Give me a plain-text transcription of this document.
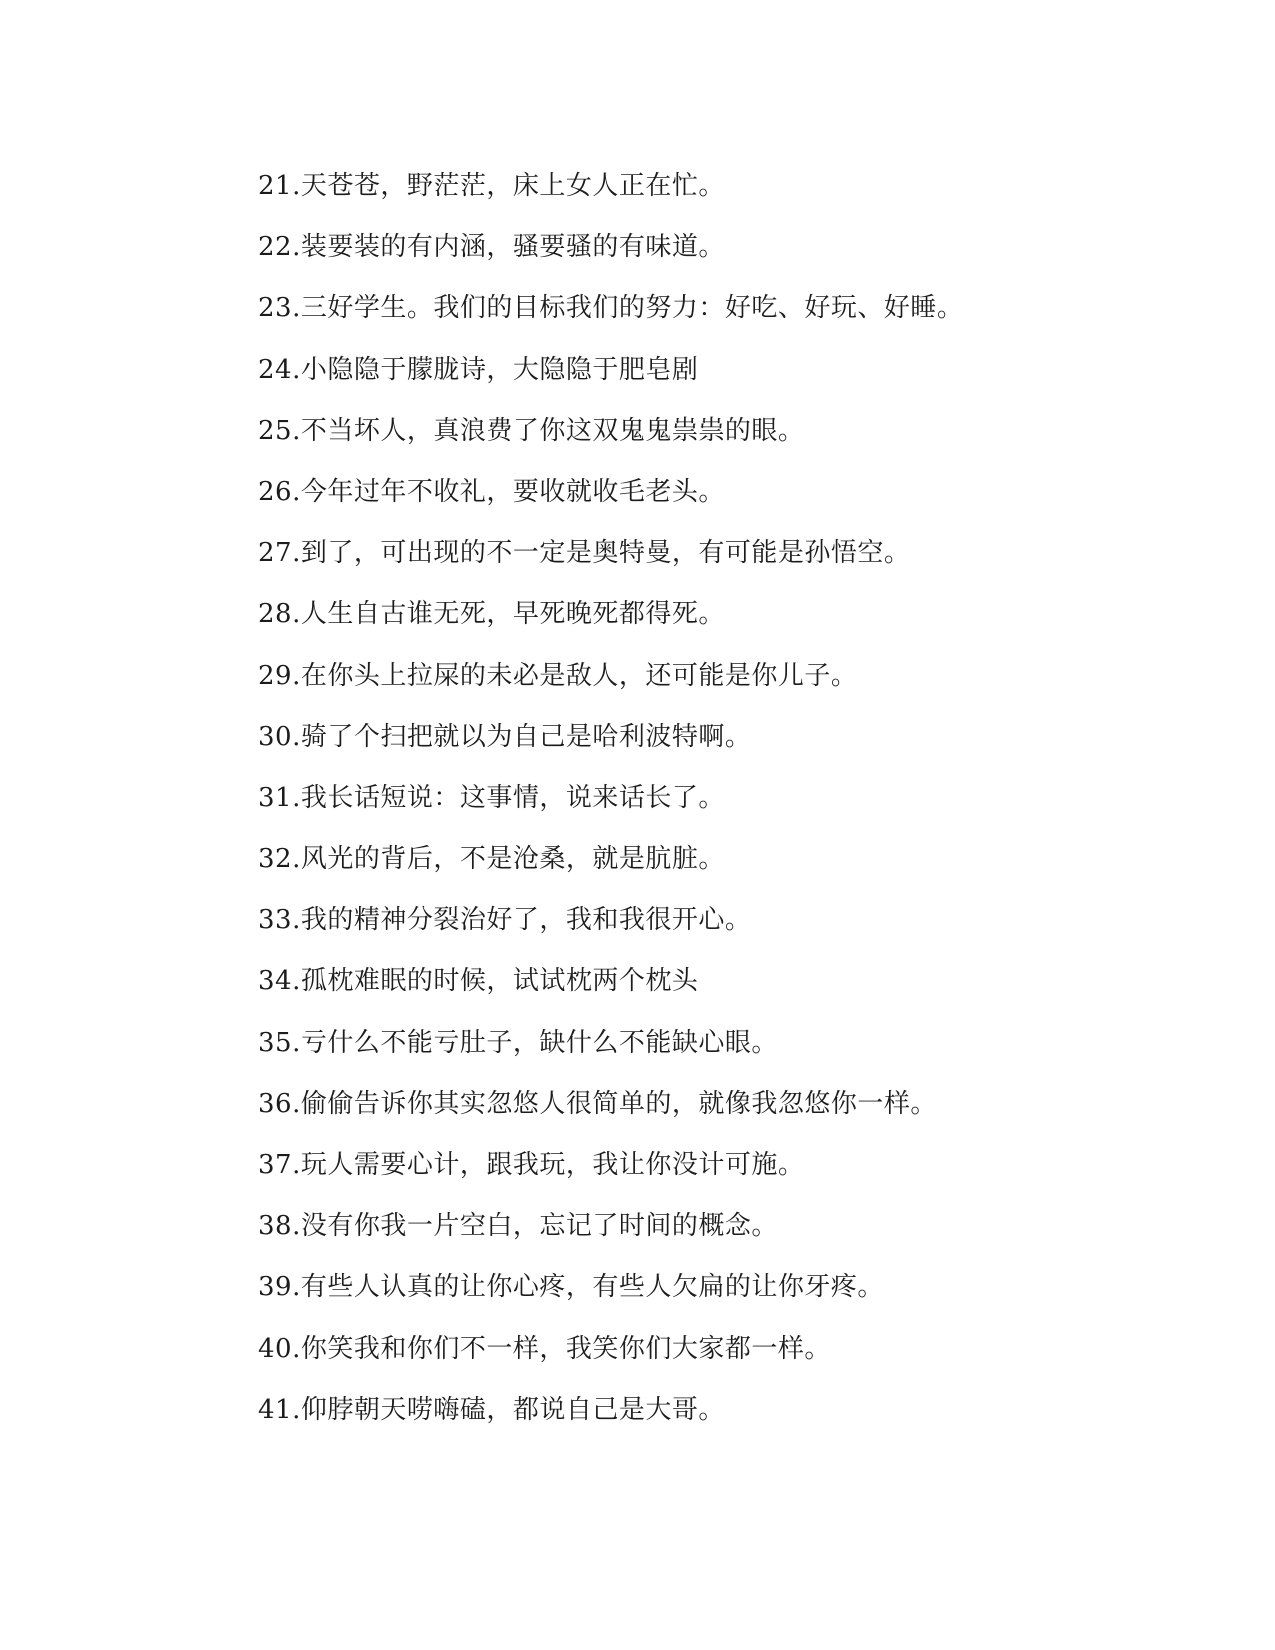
21.天苍苍，野茫茫，床上女人正在忙。
22.装要装的有内涵，骚要骚的有味道。
23.三好学生。我们的目标我们的努力：好吃、好玩、好睡。
24.小隐隐于朦胧诗，大隐隐于肥皂剧
25.不当坏人，真浪费了你这双鬼鬼祟祟的眼。
26.今年过年不收礼，要收就收毛老头。
27.到了，可出现的不一定是奥特曼，有可能是孙悟空。
28.人生自古谁无死，早死晚死都得死。
29.在你头上拉屎的未必是敌人，还可能是你儿子。
30.骑了个扫把就以为自己是哈利波特啊。
31.我长话短说：这事情，说来话长了。
32.风光的背后，不是沧桑，就是肮脏。
33.我的精神分裂治好了，我和我很开心。
34.孤枕难眠的时候，试试枕两个枕头
35.亏什么不能亏肚子，缺什么不能缺心眼。
36.偷偷告诉你其实忽悠人很简单的，就像我忽悠你一样。
37.玩人需要心计，跟我玩，我让你没计可施。
38.没有你我一片空白，忘记了时间的概念。
39.有些人认真的让你心疼，有些人欠扁的让你牙疼。
40.你笑我和你们不一样，我笑你们大家都一样。
41.仰脖朝天唠嗨磕，都说自己是大哥。
